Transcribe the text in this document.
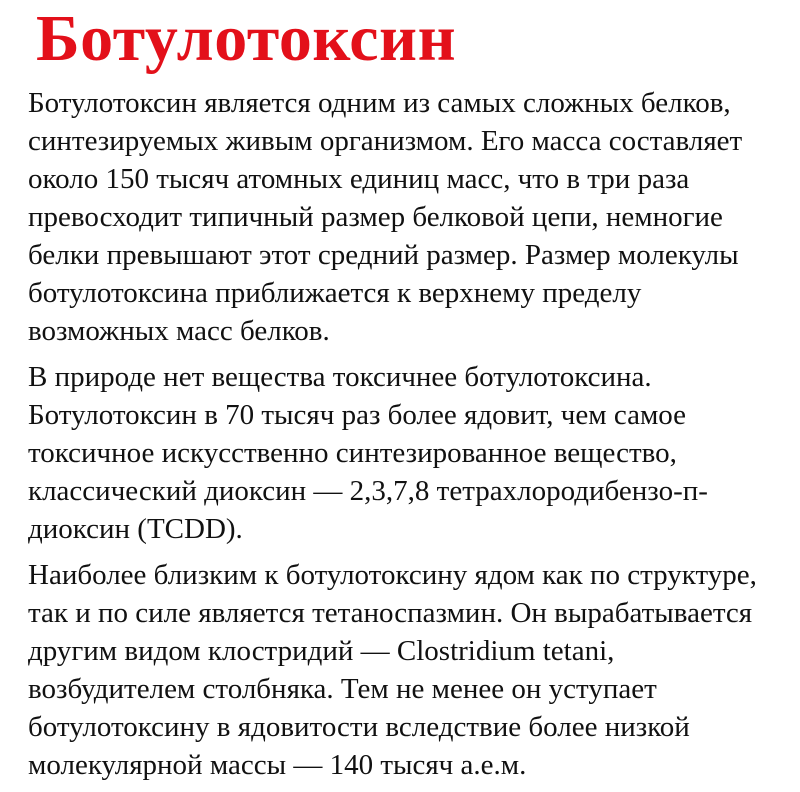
Ботулотоксин

Ботулотоксин является одним из самых сложных белков,
синтезируемых живым организмом. Его масса составляет
около 150 тысяч атомных единиц масс, что в три раза
превосходит типичный размер белковой цепи, немногие
белки превышают этот средний размер. Размер молекулы
ботулотоксина приближается к верхнему пределу
возможных масс белков.

В природе нет вещества токсичнее ботулотоксина.
Ботулотоксин в 70 тысяч раз более ядовит, чем самое
токсичное искусственно синтезированное вещество,
классический диоксин — 2,3,7,8 тетрахлородибензо-п-
диоксин (TCDD).

Наиболее близким к ботулотоксину ядом как по структуре,
так и по силе является тетаноспазмин. Он вырабатывается
другим видом клостридий — Clostridium tetani,
возбудителем столбняка. Тем не менее он уступает
ботулотоксину в ядовитости вследствие более низкой
молекулярной массы — 140 тысяч а.е.м.
